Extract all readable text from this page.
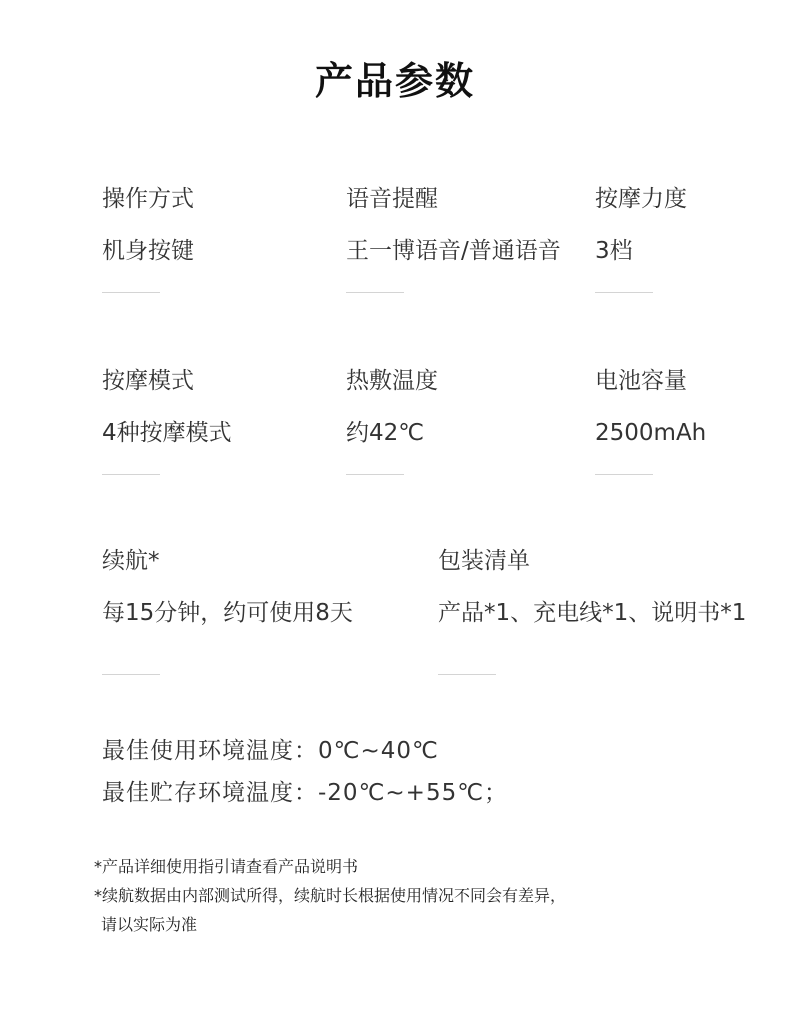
产品参数
操作方式
机身按键
语音提醒
王一博语音/普通语音
按摩力度
3档
按摩模式
4种按摩模式
热敷温度
约42℃
电池容量
2500mAh
续航*
每15分钟，约可使用8天
包装清单
产品*1、充电线*1、说明书*1
最佳使用环境温度：0℃~40℃
最佳贮存环境温度：-20℃~+55℃；
*产品详细使用指引请查看产品说明书
*续航数据由内部测试所得，续航时长根据使用情况不同会有差异，
请以实际为准
